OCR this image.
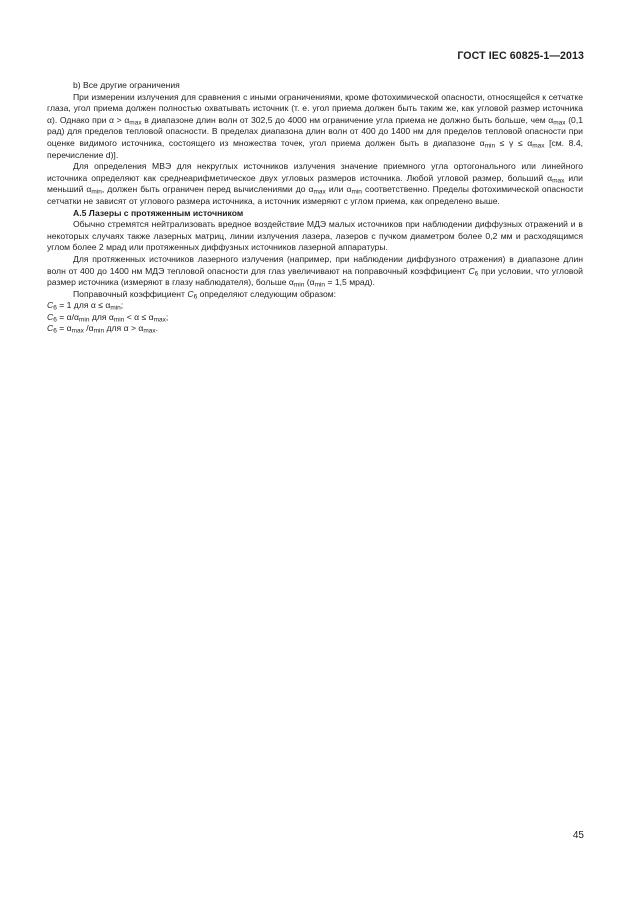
ГОСТ IEC 60825-1—2013

b) Все другие ограничения

При измерении излучения для сравнения с иными ограничениями, кроме фотохимической опасности, относящейся к сетчатке глаза, угол приема должен полностью охватывать источник (т. е. угол приема должен быть таким же, как угловой размер источника α). Однако при $\alpha > \alpha_{max}$ в диапазоне длин волн от 302,5 до 4000 нм ограничение угла приема не должно быть больше, чем $\alpha_{max}$ (0,1 рад) для пределов тепловой опасности. В пределах диапазона длин волн от 400 до 1400 нм для пределов тепловой опасности при оценке видимого источника, состоящего из множества точек, угол приема должен быть в диапазоне $\alpha_{min} \le \gamma \le \alpha_{max}$ [см. 8.4, перечисление d)].

Для определения МВЭ для некруглых источников излучения значение приемного угла ортогонального или линейного источника определяют как среднеарифметическое двух угловых размеров источника. Любой угловой размер, больший $\alpha_{max}$ или меньший $\alpha_{min}$, должен быть ограничен перед вычислениями до $\alpha_{max}$ или $\alpha_{min}$ соответственно. Пределы фотохимической опасности сетчатки не зависят от углового размера источника, а источник измеряют с углом приема, как определено выше.

А.5 Лазеры с протяженным источником

Обычно стремятся нейтрализовать вредное воздействие МДЭ малых источников при наблюдении диффузных отражений и в некоторых случаях также лазерных матриц, линии излучения лазера, лазеров с пучком диаметром более 0,2 мм и расходящимся углом более 2 мрад или протяженных диффузных источников лазерной аппаратуры.

Для протяженных источников лазерного излучения (например, при наблюдении диффузного отражения) в диапазоне длин волн от 400 до 1400 нм МДЭ тепловой опасности для глаз увеличивают на поправочный коэффициент $C_6$ при условии, что угловой размер источника (измеряют в глазу наблюдателя), больше $\alpha_{min}$ ($\alpha_{min} = 1,5$ мрад).

Поправочный коэффициент $C_6$ определяют следующим образом:

$C_6 = 1$ для $\alpha \le \alpha_{min}$;

$C_6 = \alpha/\alpha_{min}$ для $\alpha_{min} < \alpha \le \alpha_{max}$;

$C_6 = \alpha_{max}$ $/\alpha_{min}$ для $\alpha > \alpha_{max}$.

45
